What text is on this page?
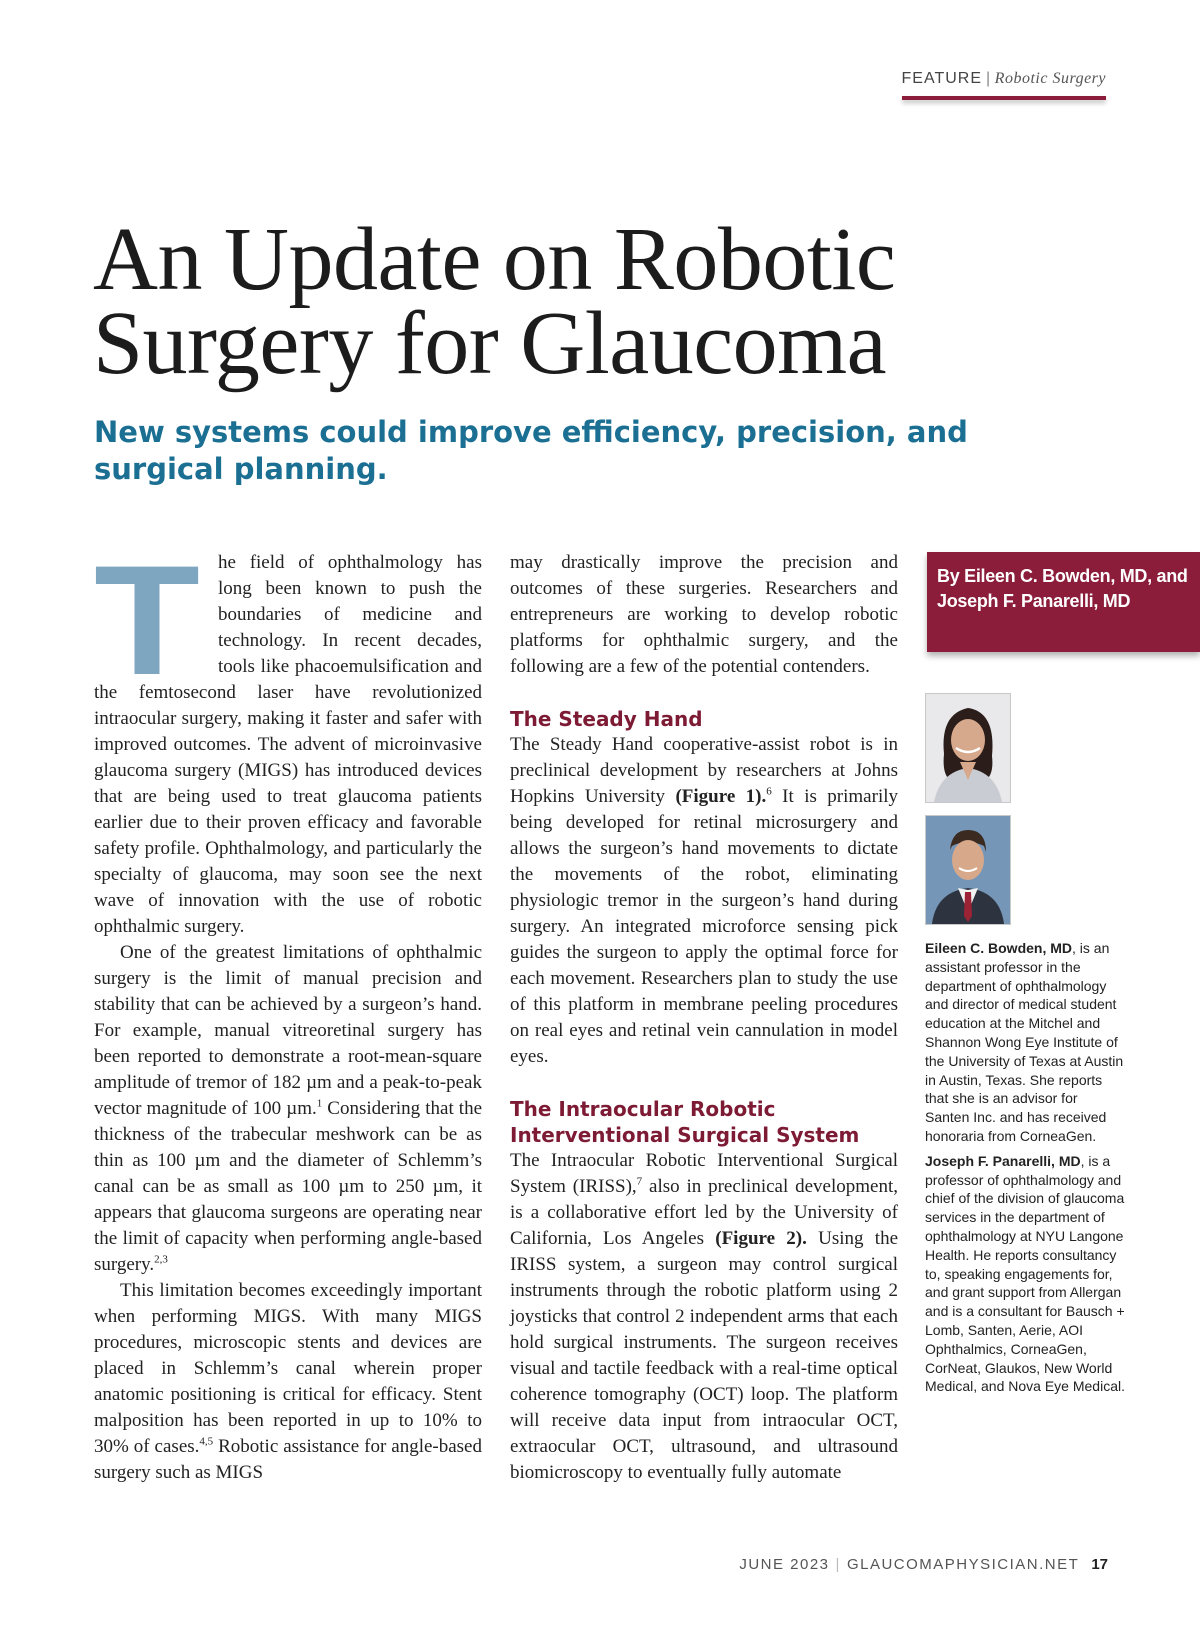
FEATURE | Robotic Surgery
An Update on Robotic Surgery for Glaucoma
New systems could improve efficiency, precision, and surgical planning.

T he field of ophthalmology has long been known to push the boundaries of medicine and technology. In recent decades, tools like phacoemulsification and the femtosecond laser have revolutionized intraocular surgery, making it faster and safer with improved outcomes. The advent of microinvasive glaucoma surgery (MIGS) has introduced devices that are being used to treat glaucoma patients earlier due to their proven efficacy and favorable safety profile. Ophthalmology, and particularly the specialty of glaucoma, may soon see the next wave of innovation with the use of robotic ophthalmic surgery.

One of the greatest limitations of ophthalmic surgery is the limit of manual precision and stability that can be achieved by a surgeon’s hand. For example, manual vitreoretinal surgery has been reported to demonstrate a root-mean-square amplitude of tremor of 182 µm and a peak-to-peak vector magnitude of 100 µm.$^1$ Considering that the thickness of the trabecular meshwork can be as thin as 100 µm and the diameter of Schlemm’s canal can be as small as 100 µm to 250 µm, it appears that glaucoma surgeons are operating near the limit of capacity when performing angle-based surgery.$^{2,3}$

This limitation becomes exceedingly important when performing MIGS. With many MIGS procedures, microscopic stents and devices are placed in Schlemm’s canal wherein proper anatomic positioning is critical for efficacy. Stent malposition has been reported in up to 10% to 30% of cases.$^{4,5}$ Robotic assistance for angle-based surgery such as MIGS

may drastically improve the precision and outcomes of these surgeries. Researchers and entrepreneurs are working to develop robotic platforms for ophthalmic surgery, and the following are a few of the potential contenders.

The Steady Hand

The Steady Hand cooperative-assist robot is in preclinical development by researchers at Johns Hopkins University (Figure 1).$^6$ It is primarily being developed for retinal microsurgery and allows the surgeon’s hand movements to dictate the movements of the robot, eliminating physiologic tremor in the surgeon’s hand during surgery. An integrated microforce sensing pick guides the surgeon to apply the optimal force for each movement. Researchers plan to study the use of this platform in membrane peeling procedures on real eyes and retinal vein cannulation in model eyes.

The Intraocular Robotic Interventional Surgical System

The Intraocular Robotic Interventional Surgical System (IRISS),$^7$ also in preclinical development, is a collaborative effort led by the University of California, Los Angeles (Figure 2). Using the IRISS system, a surgeon may control surgical instruments through the robotic platform using 2 joysticks that control 2 independent arms that each hold surgical instruments. The surgeon receives visual and tactile feedback with a real-time optical coherence tomography (OCT) loop. The platform will receive data input from intraocular OCT, extraocular OCT, ultrasound, and ultrasound biomicroscopy to eventually fully automate

By Eileen C. Bowden, MD, and Joseph F. Panarelli, MD

Eileen C. Bowden, MD, is an assistant professor in the department of ophthalmology and director of medical student education at the Mitchel and Shannon Wong Eye Institute of the University of Texas at Austin in Austin, Texas. She reports that she is an advisor for Santen Inc. and has received honoraria from CorneaGen.

Joseph F. Panarelli, MD, is a professor of ophthalmology and chief of the division of glaucoma services in the department of ophthalmology at NYU Langone Health. He reports consultancy to, speaking engagements for, and grant support from Allergan and is a consultant for Bausch + Lomb, Santen, Aerie, AOI Ophthalmics, CorneaGen, CorNeat, Glaukos, New World Medical, and Nova Eye Medical.

JUNE 2023 | GLAUCOMAPHYSICIAN.NET 17
